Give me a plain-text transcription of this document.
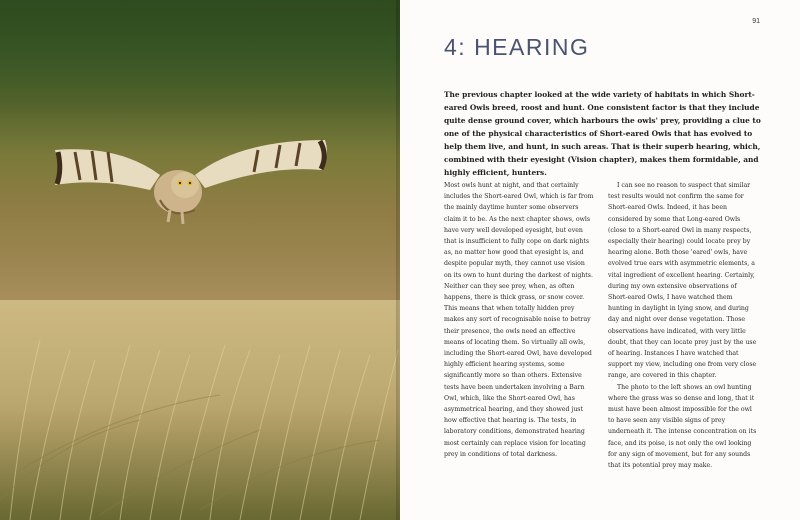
91
4: HEARING

The previous chapter looked at the wide variety of habitats in which Short-eared Owls breed, roost and hunt. One consistent factor is that they include quite dense ground cover, which harbours the owls' prey, providing a clue to one of the physical characteristics of Short-eared Owls that has evolved to help them live, and hunt, in such areas. That is their superb hearing, which, combined with their eyesight (Vision chapter), makes them formidable, and highly efficient, hunters.

Most owls hunt at night, and that certainly includes the Short-eared Owl, which is far from the mainly daytime hunter some observers claim it to be. As the next chapter shows, owls have very well developed eyesight, but even that is insufficient to fully cope on dark nights as, no matter how good that eyesight is, and despite popular myth, they cannot use vision on its own to hunt during the darkest of nights. Neither can they see prey, when, as often happens, there is thick grass, or snow cover. This means that when totally hidden prey makes any sort of recognisable noise to betray their presence, the owls need an effective means of locating them. So virtually all owls, including the Short-eared Owl, have developed highly efficient hearing systems, some significantly more so than others. Extensive tests have been undertaken involving a Barn Owl, which, like the Short-eared Owl, has asymmetrical hearing, and they showed just how effective that hearing is. The tests, in laboratory conditions, demonstrated hearing most certainly can replace vision for locating prey in conditions of total darkness.

I can see no reason to suspect that similar test results would not confirm the same for Short-eared Owls. Indeed, it has been considered by some that Long-eared Owls (close to a Short-eared Owl in many respects, especially their hearing) could locate prey by hearing alone. Both those 'eared' owls, have evolved true ears with asymmetric elements, a vital ingredient of excellent hearing. Certainly, during my own extensive observations of Short-eared Owls, I have watched them hunting in daylight in lying snow, and during day and night over dense vegetation. Those observations have indicated, with very little doubt, that they can locate prey just by the use of hearing. Instances I have watched that support my view, including one from very close range, are covered in this chapter.

The photo to the left shows an owl hunting where the grass was so dense and long, that it must have been almost impossible for the owl to have seen any visible signs of prey underneath it. The intense concentration on its face, and its poise, is not only the owl looking for any sign of movement, but for any sounds that its potential prey may make.
